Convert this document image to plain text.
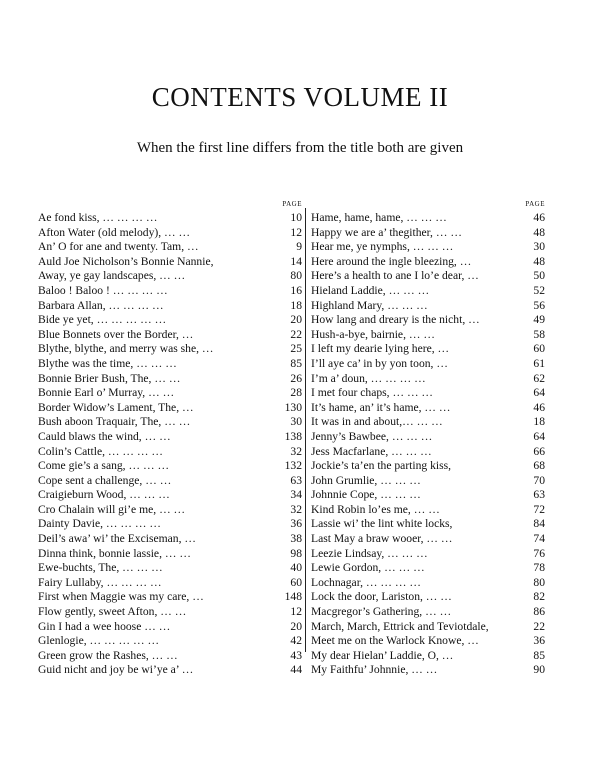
CONTENTS VOLUME II
When the first line differs from the title both are given
PAGE
Ae fond kiss, … … … …	10
Afton Water (old melody), … …	12
An’ O for ane and twenty. Tam, …	9
Auld Joe Nicholson’s Bonnie Nannie,	14
Away, ye gay landscapes, … …	80
Baloo ! Baloo ! … … … …	16
Barbara Allan, … … … …	18
Bide ye yet, … … … … …	20
Blue Bonnets over the Border, …	22
Blythe, blythe, and merry was she, …	25
Blythe was the time, … … …	85
Bonnie Brier Bush, The, … …	26
Bonnie Earl o’ Murray, … …	28
Border Widow’s Lament, The, …	130
Bush aboon Traquair, The, … …	30
Cauld blaws the wind, … …	138
Colin’s Cattle, … … … …	32
Come gie’s a sang, … … …	132
Cope sent a challenge, … …	63
Craigieburn Wood, … … …	34
Cro Chalain will gi’e me, … …	32
Dainty Davie, … … … …	36
Deil’s awa’ wi’ the Exciseman, …	38
Dinna think, bonnie lassie, … …	98
Ewe-buchts, The, … … …	40
Fairy Lullaby, … … … …	60
First when Maggie was my care, …	148
Flow gently, sweet Afton, … …	12
Gin I had a wee hoose … …	20
Glenlogie, … … … … …	42
Green grow the Rashes, … …	43
Guid nicht and joy be wi’ye a’ …	44
PAGE
Hame, hame, hame, … … …	46
Happy we are a’ thegither, … …	48
Hear me, ye nymphs, … … …	30
Here around the ingle bleezing, …	48
Here’s a health to ane I lo’e dear, …	50
Hieland Laddie, … … …	52
Highland Mary, … … …	56
How lang and dreary is the nicht, …	49
Hush-a-bye, bairnie, … …	58
I left my dearie lying here, …	60
I’ll aye ca’ in by yon toon, …	61
I’m a’ doun, … … … …	62
I met four chaps, … … …	64
It’s hame, an’ it’s hame, … …	46
It was in and about,… … …	18
Jenny’s Bawbee, … … …	64
Jess Macfarlane, … … …	66
Jockie’s ta’en the parting kiss,	68
John Grumlie, … … …	70
Johnnie Cope, … … …	63
Kind Robin lo’es me, … …	72
Lassie wi’ the lint white locks,	84
Last May a braw wooer, … …	74
Leezie Lindsay, … … …	76
Lewie Gordon, … … …	78
Lochnagar, … … … …	80
Lock the door, Lariston, … …	82
Macgregor’s Gathering, … …	86
March, March, Ettrick and Teviotdale,	22
Meet me on the Warlock Knowe, …	36
My dear Hielan’ Laddie, O, …	85
My Faithfu’ Johnnie, … …	90
